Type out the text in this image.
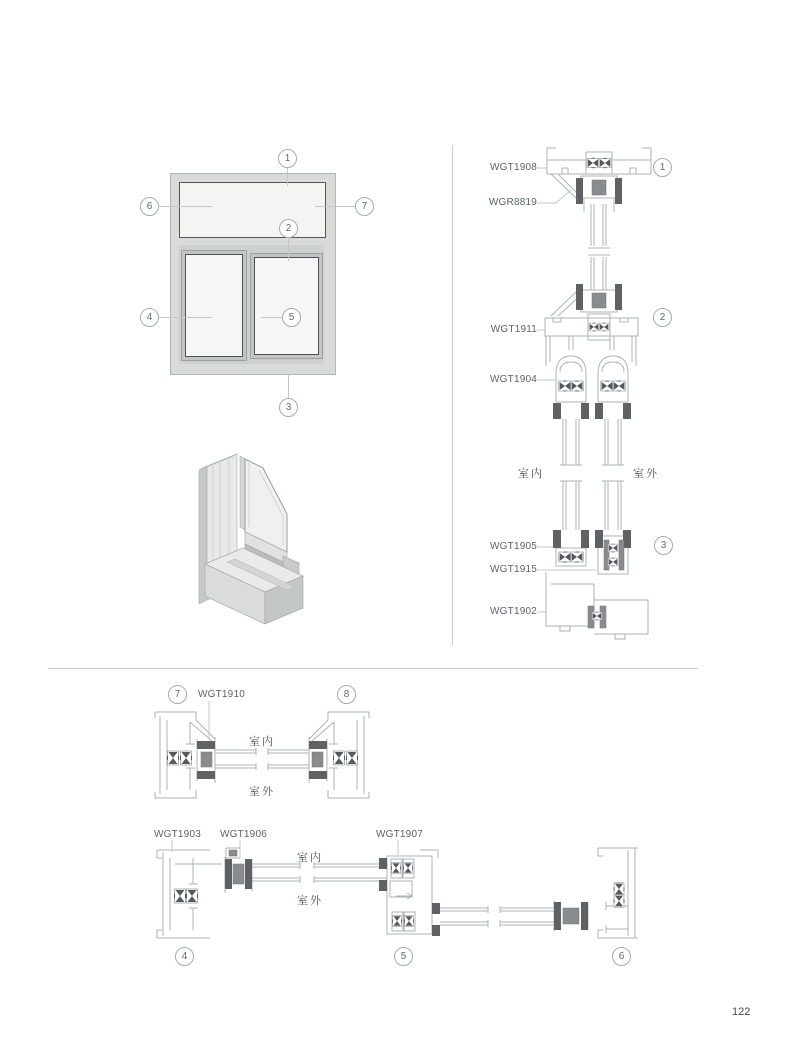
1
6	7
2
4	5
3
WGT1908
WGR8819
WGT1911
WGT1904
WGT1905
WGT1915
WGT1902
室内	室外
1
2
3
7	WGT1910	8
室内
室外
WGT1903 WGT1906	WGT1907
室内
室外
4	5	6
122
